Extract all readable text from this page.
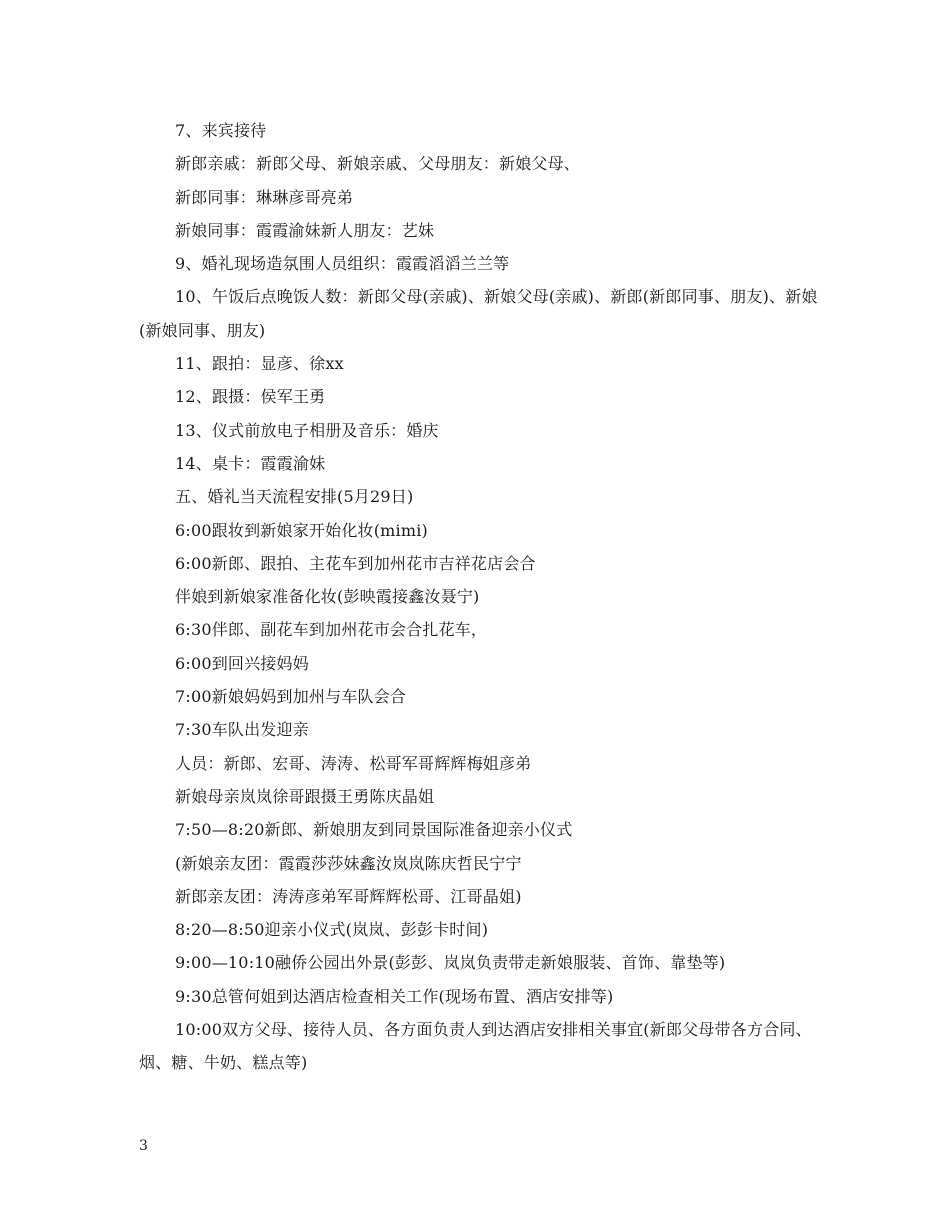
7、来宾接待

新郎亲戚：新郎父母、新娘亲戚、父母朋友：新娘父母、

新郎同事：琳琳彦哥亮弟

新娘同事：霞霞渝妹新人朋友：艺妹

9、婚礼现场造氛围人员组织：霞霞滔滔兰兰等

10、午饭后点晚饭人数：新郎父母(亲戚)、新娘父母(亲戚)、新郎(新郎同事、朋友)、新娘(新娘同事、朋友)

11、跟拍：显彦、徐xx

12、跟摄：侯军王勇

13、仪式前放电子相册及音乐：婚庆

14、桌卡：霞霞渝妹

五、婚礼当天流程安排(5月29日)

6:00跟妆到新娘家开始化妆(mimi)

6:00新郎、跟拍、主花车到加州花市吉祥花店会合

伴娘到新娘家准备化妆(彭映霞接鑫汝聂宁)

6:30伴郎、副花车到加州花市会合扎花车，

6:00到回兴接妈妈

7:00新娘妈妈到加州与车队会合

7:30车队出发迎亲

人员：新郎、宏哥、涛涛、松哥军哥辉辉梅姐彦弟

新娘母亲岚岚徐哥跟摄王勇陈庆晶姐

7:50—8:20新郎、新娘朋友到同景国际准备迎亲小仪式

(新娘亲友团：霞霞莎莎妹鑫汝岚岚陈庆哲民宁宁

新郎亲友团：涛涛彦弟军哥辉辉松哥、江哥晶姐)

8:20—8:50迎亲小仪式(岚岚、彭彭卡时间)

9:00—10:10融侨公园出外景(彭彭、岚岚负责带走新娘服装、首饰、靠垫等)

9:30总管何姐到达酒店检查相关工作(现场布置、酒店安排等)

10:00双方父母、接待人员、各方面负责人到达酒店安排相关事宜(新郎父母带各方合同、烟、糖、牛奶、糕点等)

3
